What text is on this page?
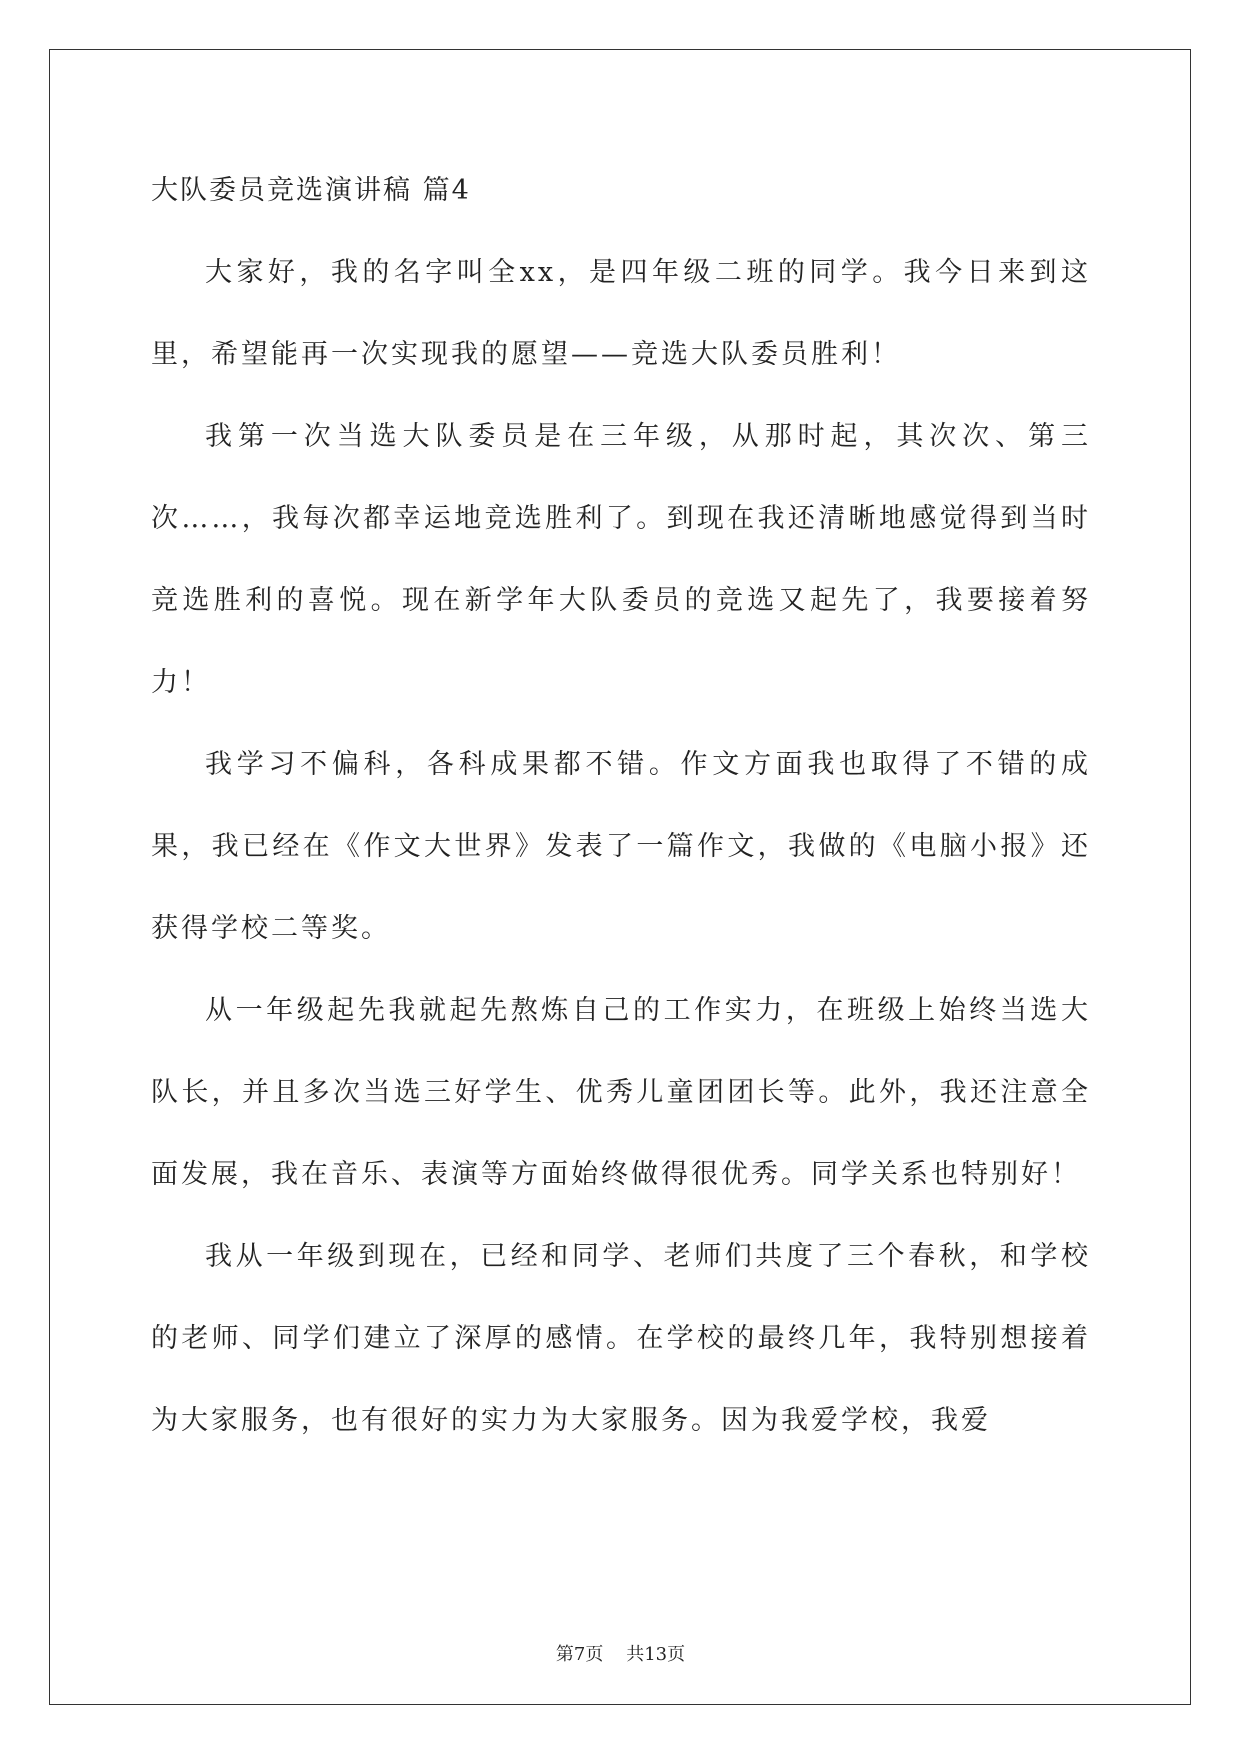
大队委员竞选演讲稿 篇4

大家好，我的名字叫全xx，是四年级二班的同学。我今日来到这里，希望能再一次实现我的愿望——竞选大队委员胜利！

我第一次当选大队委员是在三年级，从那时起，其次次、第三次……，我每次都幸运地竞选胜利了。到现在我还清晰地感觉得到当时竞选胜利的喜悦。现在新学年大队委员的竞选又起先了，我要接着努力！

我学习不偏科，各科成果都不错。作文方面我也取得了不错的成果，我已经在《作文大世界》发表了一篇作文，我做的《电脑小报》还获得学校二等奖。

从一年级起先我就起先熬炼自己的工作实力，在班级上始终当选大队长，并且多次当选三好学生、优秀儿童团团长等。此外，我还注意全面发展，我在音乐、表演等方面始终做得很优秀。同学关系也特别好！

我从一年级到现在，已经和同学、老师们共度了三个春秋，和学校的老师、同学们建立了深厚的感情。在学校的最终几年，我特别想接着为大家服务，也有很好的实力为大家服务。因为我爱学校，我爱

第7页 共13页
